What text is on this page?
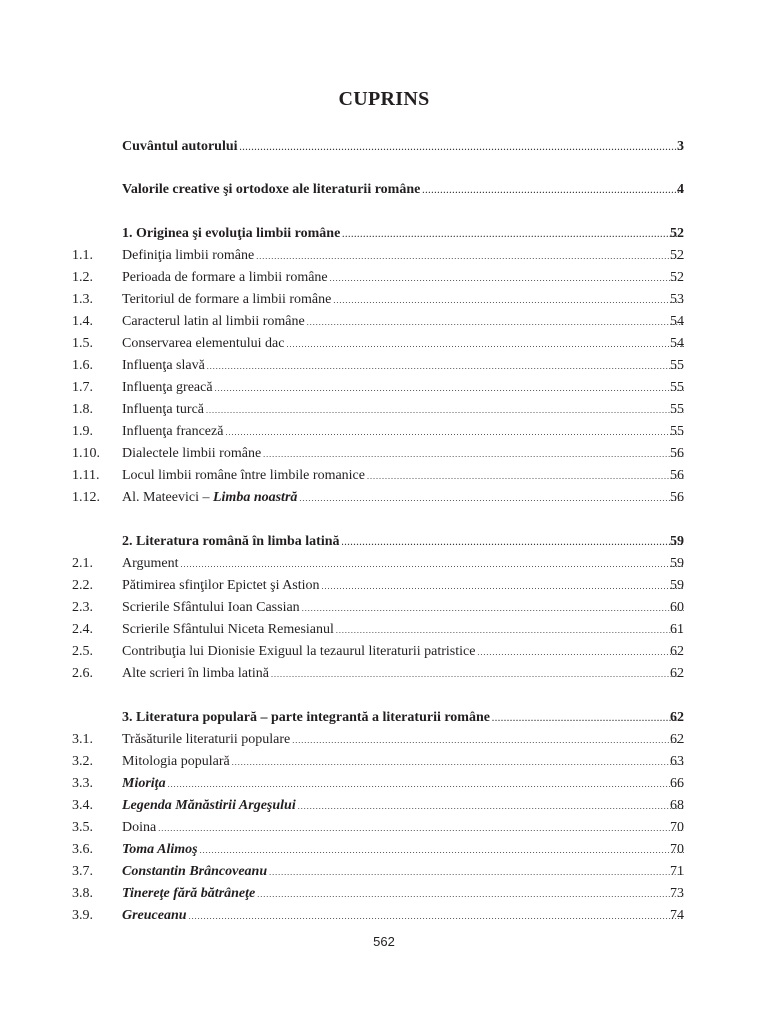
CUPRINS
Cuvântul autorului . . .	3
Valorile creative şi ortodoxe ale literaturii române . . .	4
1. Originea şi evoluţia limbii române . . .	52
1.1.	Definiţia limbii române . . .	52
1.2.	Perioada de formare a limbii române . . .	52
1.3.	Teritoriul de formare a limbii române . . .	53
1.4.	Caracterul latin al limbii române . . .	54
1.5.	Conservarea elementului dac . . .	54
1.6.	Influenţa slavă . . .	55
1.7.	Influenţa greacă . . .	55
1.8.	Influenţa turcă . . .	55
1.9.	Influenţa franceză . . .	55
1.10.	Dialectele limbii române . . .	56
1.11.	Locul limbii române între limbile romanice . . .	56
1.12.	Al. Mateevici – Limba noastră . . .	56
2. Literatura română în limba latină . . .	59
2.1.	Argument . . .	59
2.2.	Pătimirea sfinţilor Epictet şi Astion . . .	59
2.3.	Scrierile Sfântului Ioan Cassian . . .	60
2.4.	Scrierile Sfântului Niceta Remesianul . . .	61
2.5.	Contribuţia lui Dionisie Exiguul la tezaurul literaturii patristice . . .	62
2.6.	Alte scrieri în limba latină . . .	62
3. Literatura populară – parte integrantă a literaturii române . . .	62
3.1.	Trăsăturile literaturii populare . . .	62
3.2.	Mitologia populară . . .	63
3.3.	Mioriţa . . .	66
3.4.	Legenda Mănăstirii Argeşului . . .	68
3.5.	Doina . . .	70
3.6.	Toma Alimoş . . .	70
3.7.	Constantin Brâncoveanu . . .	71
3.8.	Tinereţe fără bătrâneţe . . .	73
3.9.	Greuceanu . . .	74
562
